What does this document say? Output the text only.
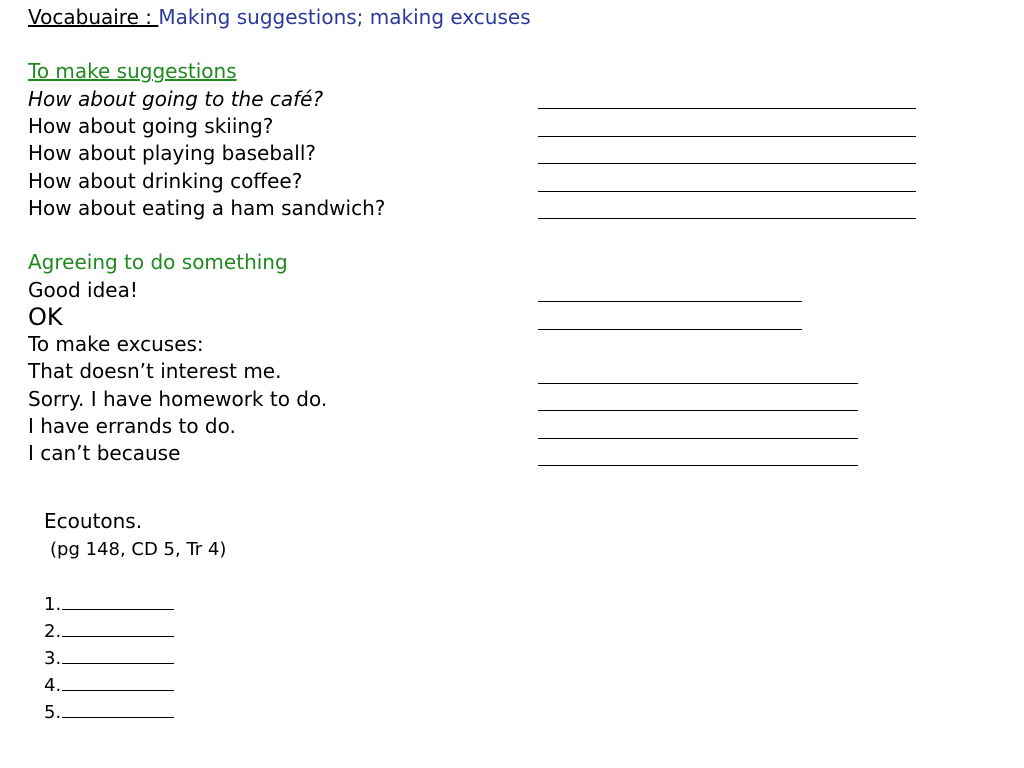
Vocabuaire : Making suggestions; making excuses
To make suggestions
How about going to the café?
How about going skiing?
How about playing baseball?
How about drinking coffee?
How about eating a ham sandwich?
Agreeing to do something
Good idea!
OK
To make excuses:
That doesn’t interest me.
Sorry. I have homework to do.
I have errands to do.
I can’t because
Ecoutons.
(pg 148, CD 5, Tr 4)
1.
2.
3.
4.
5.
